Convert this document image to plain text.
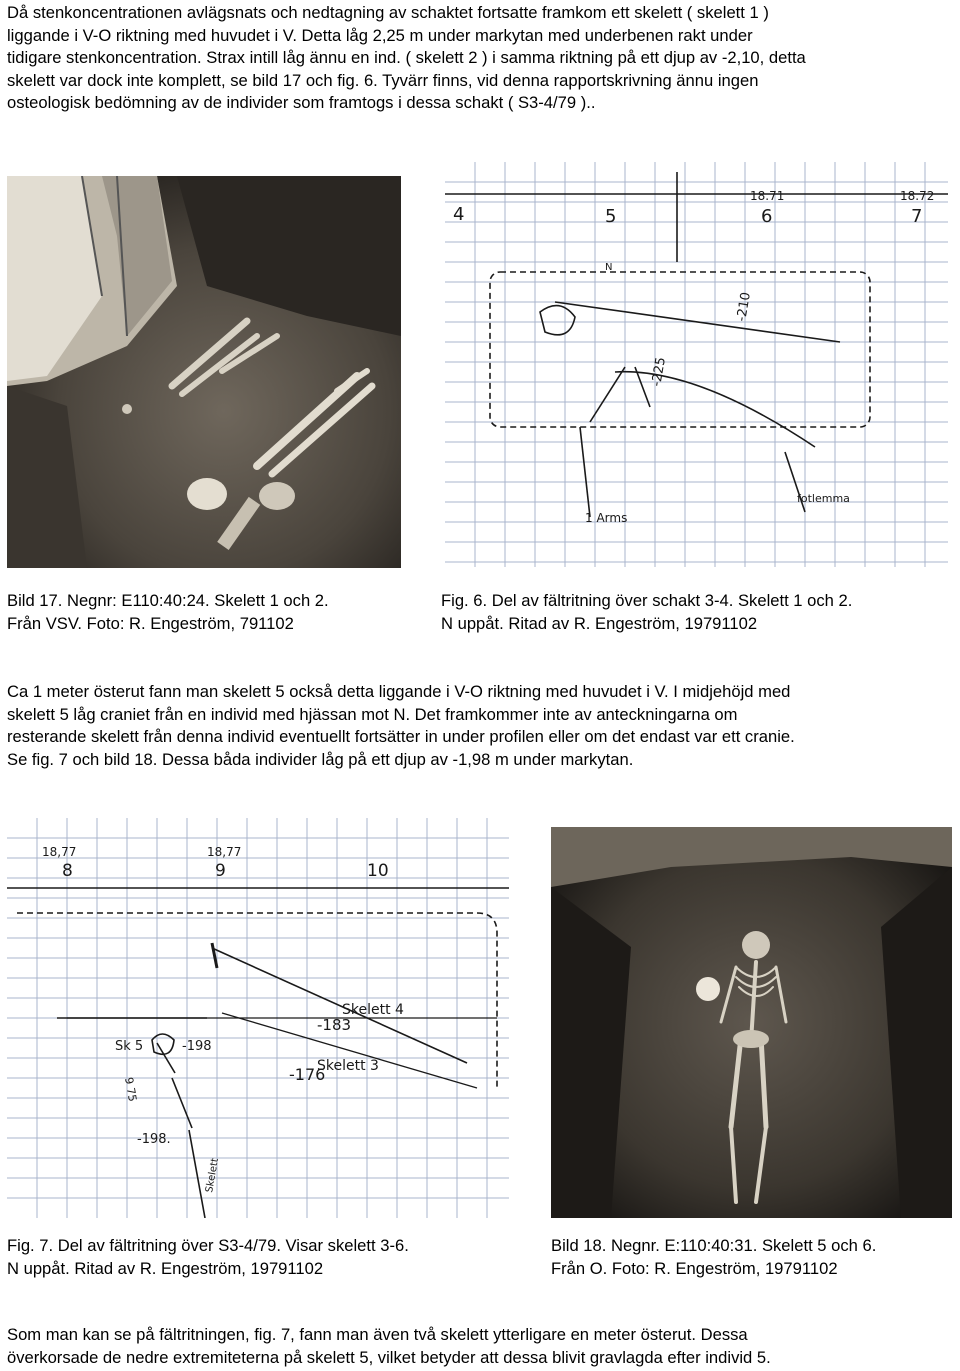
Då stenkoncentrationen avlägsnats och nedtagning av schaktet fortsatte framkom ett skelett ( skelett 1 )
liggande i V-O riktning med huvudet i V. Detta låg 2,25 m under markytan med underbenen rakt under
tidigare stenkoncentration. Strax intill låg ännu en ind. ( skelett 2 ) i samma riktning på ett djup av -2,10, detta
skelett var dock inte komplett, se bild 17 och fig. 6. Tyvärr finns, vid denna rapportskrivning ännu ingen
osteologisk bedömning av de individer som framtogs i dessa schakt ( S3-4/79 )..
4	5	6	7
18.71	18.72
-210
-225
1 Arms
fotlemma
N
Bild 17. Negnr: E110:40:24. Skelett 1 och 2.
Från VSV. Foto: R. Engeström, 791102
Fig. 6. Del av fältritning över schakt 3-4. Skelett 1 och 2.
N uppåt. Ritad av R. Engeström, 19791102
Ca 1 meter österut fann man skelett 5 också detta liggande i V-O riktning med huvudet i V. I midjehöjd med
skelett 5 låg craniet från en individ med hjässan mot N. Det framkommer inte av anteckningarna om
resterande skelett från denna individ eventuellt fortsätter in under profilen eller om det endast var ett cranie.
Se fig. 7 och bild 18. Dessa båda individer låg på ett djup av -1,98 m under markytan.
18,77	18,77
8	9	10
Skelett 4
Skelett 3
Sk 5
-183
-176
-198
-198.
9 75
Skelett
Fig. 7. Del av fältritning över S3-4/79. Visar skelett 3-6.
N uppåt. Ritad av R. Engeström, 19791102
Bild 18. Negnr. E:110:40:31. Skelett 5 och 6.
Från O. Foto: R. Engeström, 19791102
Som man kan se på fältritningen, fig. 7, fann man även två skelett ytterligare en meter österut. Dessa
överkorsade de nedre extremiteterna på skelett 5, vilket betyder att dessa blivit gravlagda efter individ 5.
